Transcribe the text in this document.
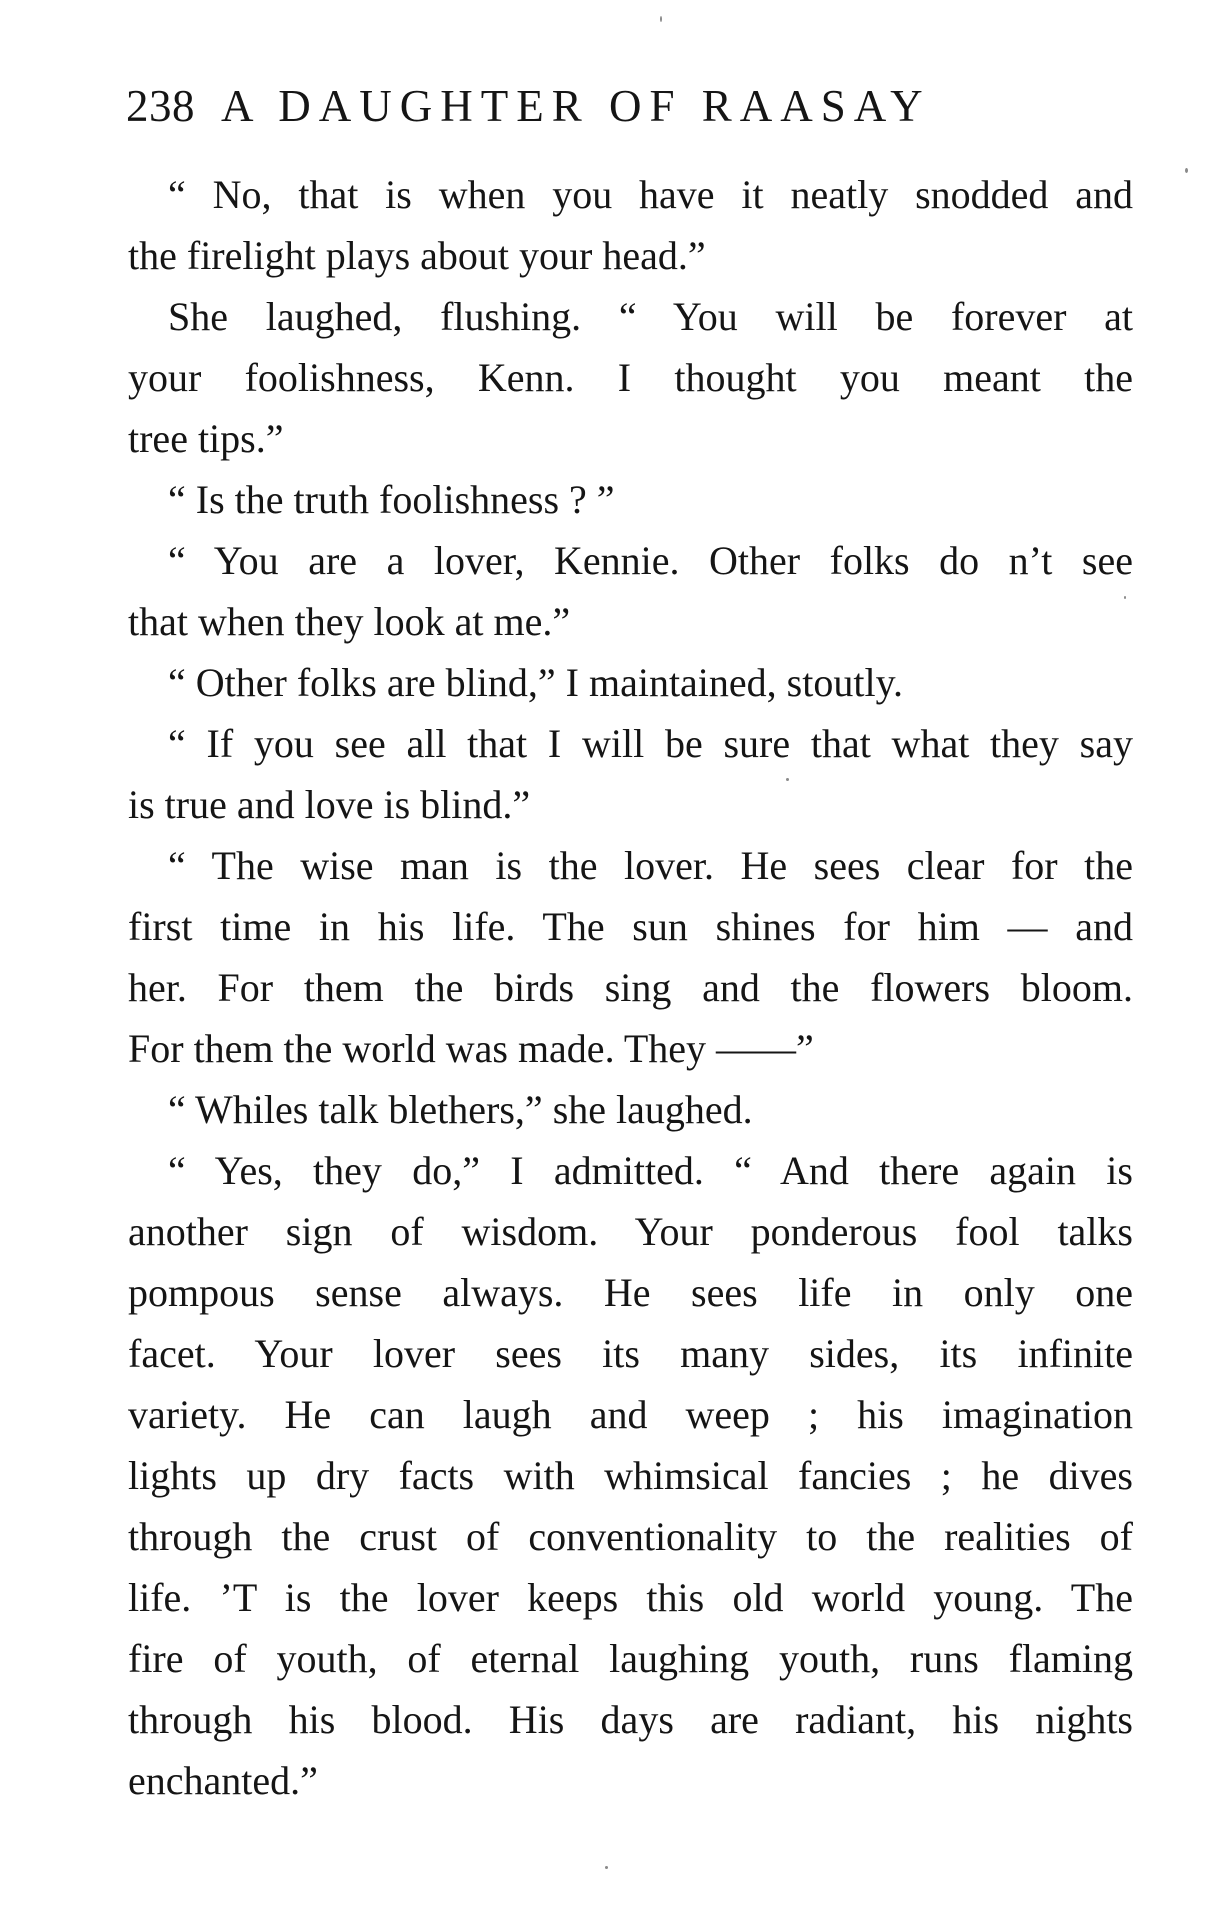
238 A DAUGHTER OF RAASAY
“ No, that is when you have it neatly snodded and
the firelight plays about your head.”
She laughed, flushing. “ You will be forever at
your foolishness, Kenn. I thought you meant the
tree tips.”
“ Is the truth foolishness ? ”
“ You are a lover, Kennie. Other folks do n’t see
that when they look at me.”
“ Other folks are blind,” I maintained, stoutly.
“ If you see all that I will be sure that what they say
is true and love is blind.”
“ The wise man is the lover. He sees clear for the
first time in his life. The sun shines for him — and
her. For them the birds sing and the flowers bloom.
For them the world was made. They ——”
“ Whiles talk blethers,” she laughed.
“ Yes, they do,” I admitted. “ And there again is
another sign of wisdom. Your ponderous fool talks
pompous sense always. He sees life in only one
facet. Your lover sees its many sides, its infinite
variety. He can laugh and weep ; his imagination
lights up dry facts with whimsical fancies ; he dives
through the crust of conventionality to the realities of
life. ’T is the lover keeps this old world young. The
fire of youth, of eternal laughing youth, runs flaming
through his blood. His days are radiant, his nights
enchanted.”
